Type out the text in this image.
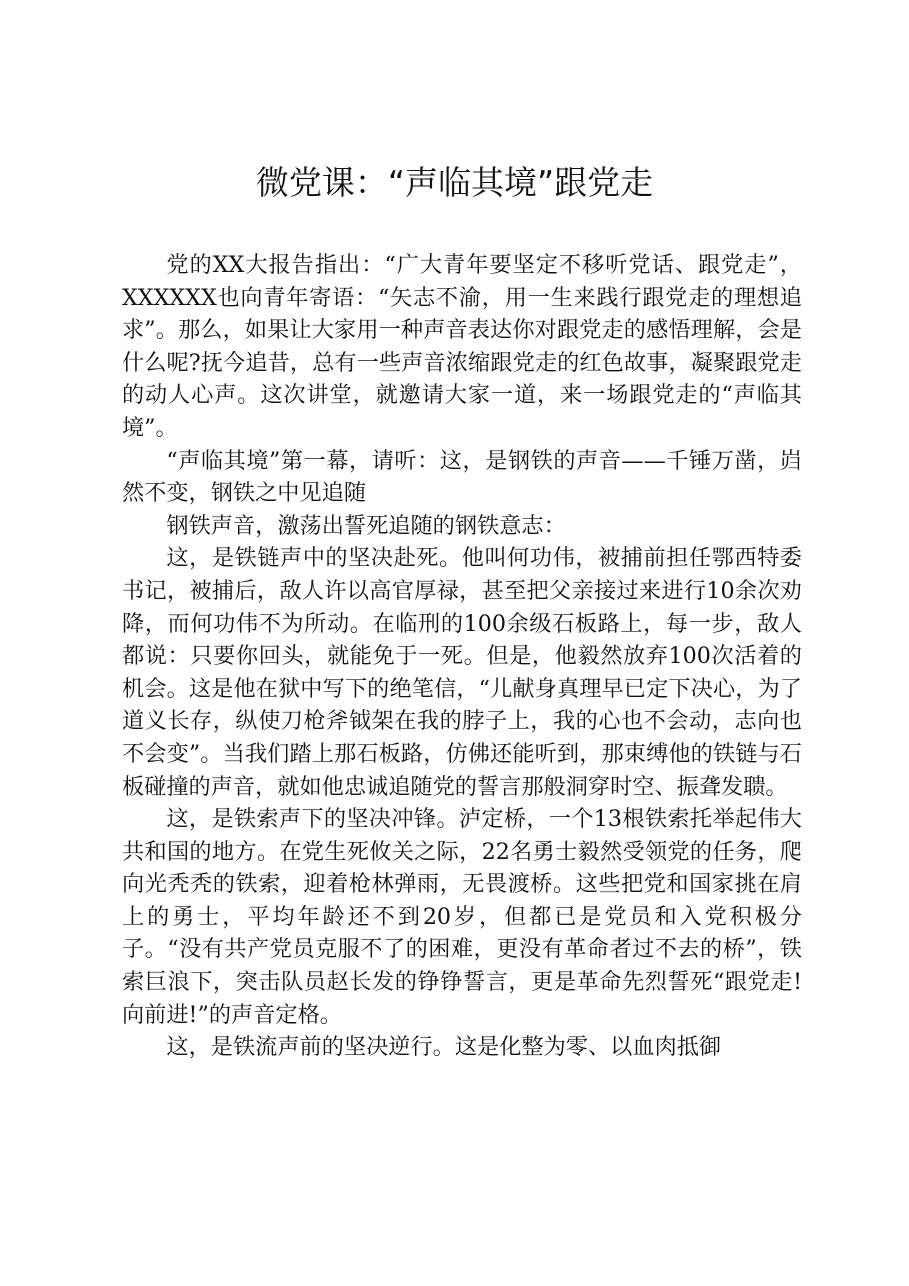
微党课：“声临其境”跟党走

党的XX大报告指出：“广大青年要坚定不移听党话、跟党走”，XXXXXX也向青年寄语：“矢志不渝，用一生来践行跟党走的理想追求”。那么，如果让大家用一种声音表达你对跟党走的感悟理解，会是什么呢?抚今追昔，总有一些声音浓缩跟党走的红色故事，凝聚跟党走的动人心声。这次讲堂，就邀请大家一道，来一场跟党走的“声临其境”。

“声临其境”第一幕，请听：这，是钢铁的声音——千锤万凿，岿然不变，钢铁之中见追随

钢铁声音，激荡出誓死追随的钢铁意志：

这，是铁链声中的坚决赴死。他叫何功伟，被捕前担任鄂西特委书记，被捕后，敌人许以高官厚禄，甚至把父亲接过来进行10余次劝降，而何功伟不为所动。在临刑的100余级石板路上，每一步，敌人都说：只要你回头，就能免于一死。但是，他毅然放弃100次活着的机会。这是他在狱中写下的绝笔信，“儿献身真理早已定下决心，为了道义长存，纵使刀枪斧钺架在我的脖子上，我的心也不会动，志向也不会变”。当我们踏上那石板路，仿佛还能听到，那束缚他的铁链与石板碰撞的声音，就如他忠诚追随党的誓言那般洞穿时空、振聋发聩。

这，是铁索声下的坚决冲锋。泸定桥，一个13根铁索托举起伟大共和国的地方。在党生死攸关之际，22名勇士毅然受领党的任务，爬向光秃秃的铁索，迎着枪林弹雨，无畏渡桥。这些把党和国家挑在肩上的勇士，平均年龄还不到20岁，但都已是党员和入党积极分子。“没有共产党员克服不了的困难，更没有革命者过不去的桥”，铁索巨浪下，突击队员赵长发的铮铮誓言，更是革命先烈誓死“跟党走!向前进!”的声音定格。

这，是铁流声前的坚决逆行。这是化整为零、以血肉抵御
